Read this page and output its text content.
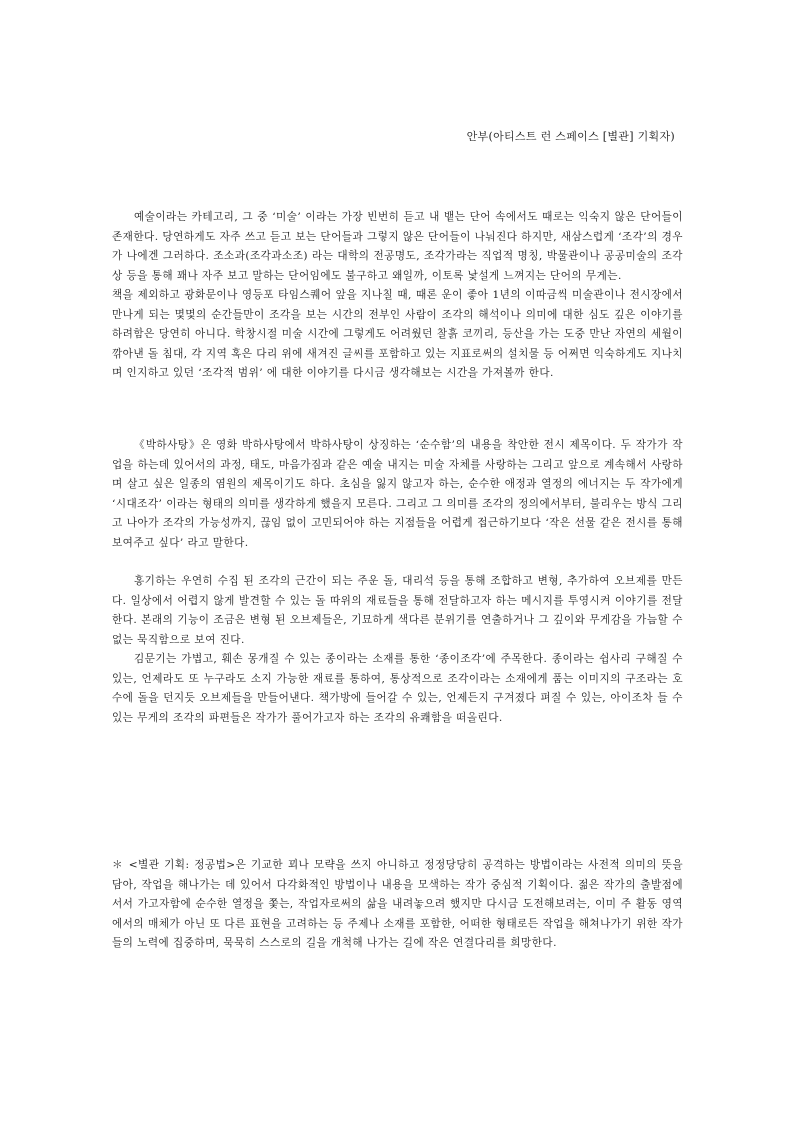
안부(아티스트 런 스페이스 [별관] 기획자)

예술이라는 카테고리, 그 중 ‘미술’ 이라는 가장 빈번히 듣고 내 뱉는 단어 속에서도 때로는 익숙지 않은 단어들이 존재한다. 당연하게도 자주 쓰고 듣고 보는 단어들과 그렇지 않은 단어들이 나눠진다 하지만, 새삼스럽게 ‘조각’의 경우가 나에겐 그러하다. 조소과(조각과소조) 라는 대학의 전공명도, 조각가라는 직업적 명칭, 박물관이나 공공미술의 조각상 등을 통해 꽤나 자주 보고 말하는 단어임에도 불구하고 왜일까, 이토록 낯설게 느껴지는 단어의 무게는.

책을 제외하고 광화문이나 영등포 타임스퀘어 앞을 지나칠 때, 때론 운이 좋아 1년의 이따금씩 미술관이나 전시장에서 만나게 되는 몇몇의 순간들만이 조각을 보는 시간의 전부인 사람이 조각의 해석이나 의미에 대한 심도 깊은 이야기를 하려함은 당연히 아니다. 학창시절 미술 시간에 그렇게도 어려웠던 찰흙 코끼리, 등산을 가는 도중 만난 자연의 세월이 깎아낸 돌 침대, 각 지역 혹은 다리 위에 새겨진 글씨를 포함하고 있는 지표로써의 설치물 등 어쩌면 익숙하게도 지나치며 인지하고 있던 ‘조각적 범위’ 에 대한 이야기를 다시금 생각해보는 시간을 가져볼까 한다.

《박하사탕》은 영화 박하사탕에서 박하사탕이 상징하는 ‘순수함’의 내용을 착안한 전시 제목이다. 두 작가가 작업을 하는데 있어서의 과정, 태도, 마음가짐과 같은 예술 내지는 미술 자체를 사랑하는 그리고 앞으로 계속해서 사랑하며 살고 싶은 일종의 염원의 제목이기도 하다. 초심을 잃지 않고자 하는, 순수한 애정과 열정의 에너지는 두 작가에게 ‘시대조각’ 이라는 형태의 의미를 생각하게 했을지 모른다. 그리고 그 의미를 조각의 정의에서부터, 불리우는 방식 그리고 나아가 조각의 가능성까지, 끊임 없이 고민되어야 하는 지점들을 어렵게 접근하기보다 ‘작은 선물 같은 전시를 통해 보여주고 싶다’ 라고 말한다.

홍기하는 우연히 수집 된 조각의 근간이 되는 주운 돌, 대리석 등을 통해 조합하고 변형, 추가하여 오브제를 만든다. 일상에서 어렵지 않게 발견할 수 있는 돌 따위의 재료들을 통해 전달하고자 하는 메시지를 투영시켜 이야기를 전달한다. 본래의 기능이 조금은 변형 된 오브제들은, 기묘하게 색다른 분위기를 연출하거나 그 깊이와 무게감을 가늠할 수 없는 묵직함으로 보여 진다.

김문기는 가볍고, 훼손 몽개질 수 있는 종이라는 소재를 통한 ‘종이조각’에 주목한다. 종이라는 쉽사리 구해질 수 있는, 언제라도 또 누구라도 소지 가능한 재료를 통하여, 통상적으로 조각이라는 소재에게 품는 이미지의 구조라는 호수에 돌을 던지듯 오브제들을 만들어낸다. 책가방에 들어갈 수 있는, 언제든지 구겨졌다 펴질 수 있는, 아이조차 들 수 있는 무게의 조각의 파편들은 작가가 풀어가고자 하는 조각의 유쾌함을 떠올린다.

＊ <별관 기획: 정공법>은 기교한 꾀나 모략을 쓰지 아니하고 정정당당히 공격하는 방법이라는 사전적 의미의 뜻을 담아, 작업을 해나가는 데 있어서 다각화적인 방법이나 내용을 모색하는 작가 중심적 기획이다. 젊은 작가의 출발점에 서서 가고자함에 순수한 열정을 쫓는, 작업자로써의 삶을 내려놓으려 했지만 다시금 도전해보려는, 이미 주 활동 영역에서의 매체가 아닌 또 다른 표현을 고려하는 등 주제나 소재를 포함한, 어떠한 형태로든 작업을 해쳐나가기 위한 작가들의 노력에 집중하며, 묵묵히 스스로의 길을 개척해 나가는 길에 작은 연결다리를 희망한다.
